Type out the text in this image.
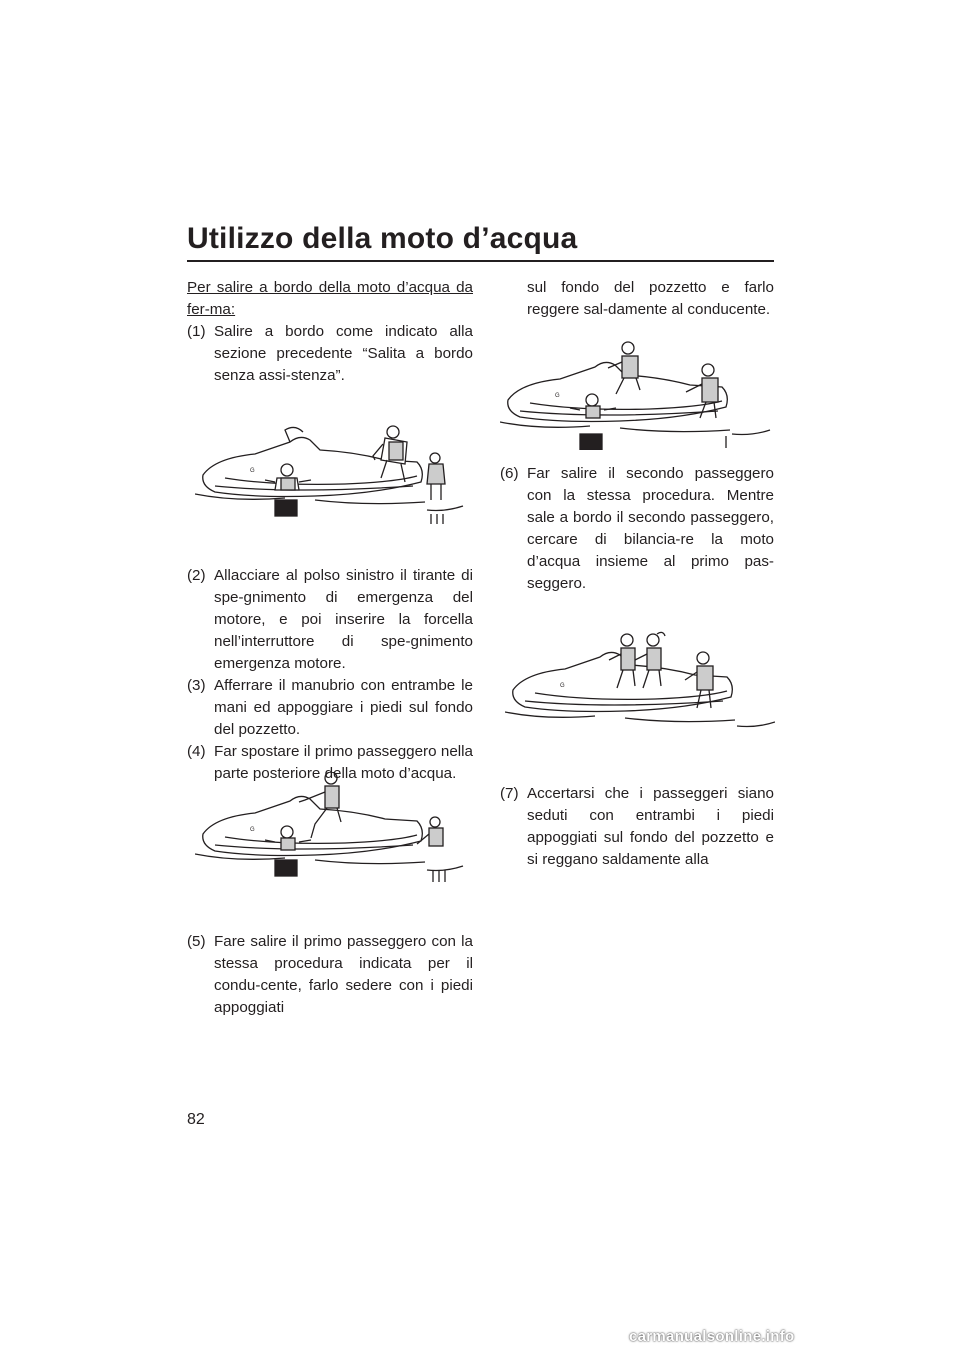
Utilizzo della moto d’acqua

Per salire a bordo della moto d’acqua da fer-ma:

(1) Salire a bordo come indicato alla sezione precedente “Salita a bordo senza assi-stenza”.
(2) Allacciare al polso sinistro il tirante di spe-gnimento di emergenza del motore, e poi inserire la forcella nell’interruttore di spe-gnimento emergenza motore.
(3) Afferrare il manubrio con entrambe le mani ed appoggiare i piedi sul fondo del pozzetto.
(4) Far spostare il primo passeggero nella parte posteriore della moto d’acqua.
(5) Fare salire il primo passeggero con la stessa procedura indicata per il condu-cente, farlo sedere con i piedi appoggiati

sul fondo del pozzetto e farlo reggere sal-damente al conducente.

(6) Far salire il secondo passeggero con la stessa procedura. Mentre sale a bordo il secondo passeggero, cercare di bilancia-re la moto d’acqua insieme al primo pas-seggero.
(7) Accertarsi che i passeggeri siano seduti con entrambi i piedi appoggiati sul fondo del pozzetto e si reggano saldamente alla
G
G
G
G
82
carmanualsonline.info
